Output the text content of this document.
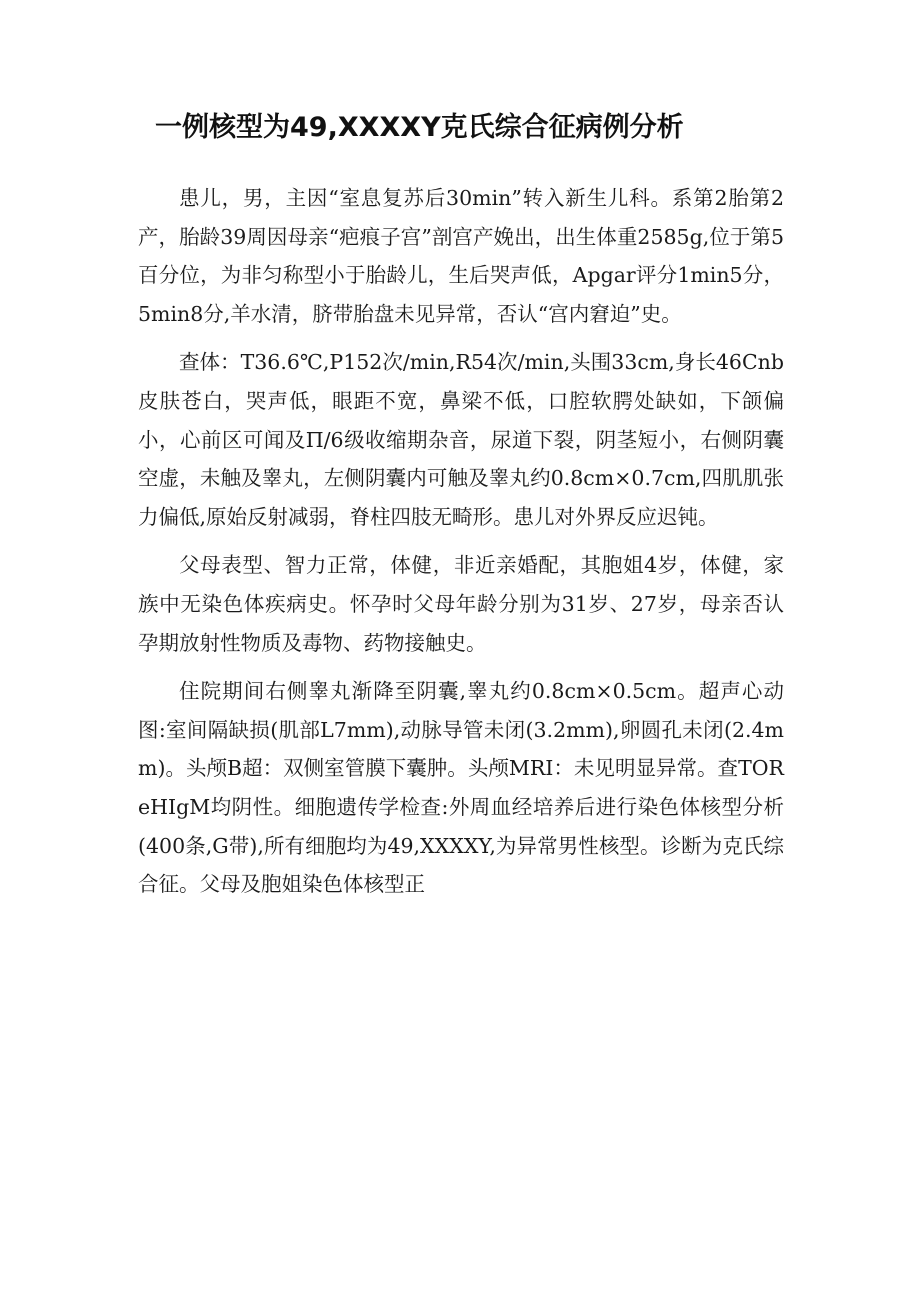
一例核型为49,XXXXY克氏综合征病例分析

患儿，男，主因“室息复苏后30min”转入新生儿科。系第2胎第2产，胎龄39周因母亲“疤痕子宫”剖宫产娩出，出生体重2585g,位于第5百分位，为非匀称型小于胎龄儿，生后哭声低，Apgar评分1min5分，5min8分,羊水清，脐带胎盘未见异常，否认“宫内窘迫”史。

查体：T36.6℃,P152次/min,R54次/min,头围33cm,身长46Cnb皮肤苍白，哭声低，眼距不宽，鼻梁不低，口腔软腭处缺如，下颌偏小，心前区可闻及Π/6级收缩期杂音，尿道下裂，阴茎短小，右侧阴囊空虚，未触及睾丸，左侧阴囊内可触及睾丸约0.8cm×0.7cm,四肌肌张力偏低,原始反射减弱，脊柱四肢无畸形。患儿对外界反应迟钝。

父母表型、智力正常，体健，非近亲婚配，其胞姐4岁，体健，家族中无染色体疾病史。怀孕时父母年龄分别为31岁、27岁，母亲否认孕期放射性物质及毒物、药物接触史。

住院期间右侧睾丸渐降至阴囊,睾丸约0.8cm×0.5cm。超声心动图:室间隔缺损(肌部L7mm),动脉导管未闭(3.2mm),卵圆孔未闭(2.4mm)。头颅B超：双侧室管膜下囊肿。头颅MRI：未见明显异常。查TOReHIgM均阴性。细胞遗传学检查:外周血经培养后进行染色体核型分析(400条,G带),所有细胞均为49,XXXXY,为异常男性核型。诊断为克氏综合征。父母及胞姐染色体核型正
